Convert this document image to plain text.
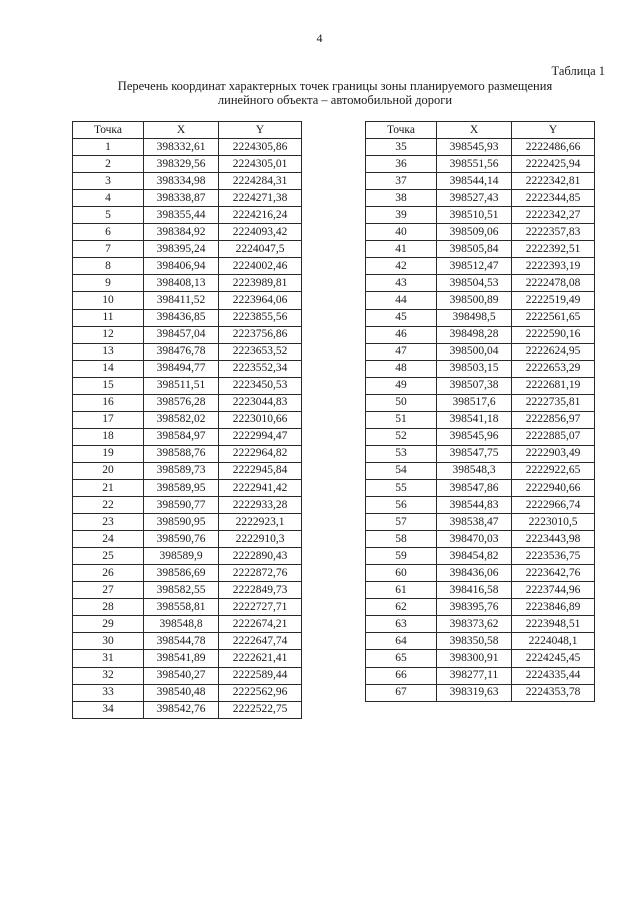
4
Таблица 1
Перечень координат характерных точек границы зоны планируемого размещения
линейного объекта – автомобильной дороги
Точка	X	Y
1	398332,61	2224305,86
2	398329,56	2224305,01
3	398334,98	2224284,31
4	398338,87	2224271,38
5	398355,44	2224216,24
6	398384,92	2224093,42
7	398395,24	2224047,5
8	398406,94	2224002,46
9	398408,13	2223989,81
10	398411,52	2223964,06
11	398436,85	2223855,56
12	398457,04	2223756,86
13	398476,78	2223653,52
14	398494,77	2223552,34
15	398511,51	2223450,53
16	398576,28	2223044,83
17	398582,02	2223010,66
18	398584,97	2222994,47
19	398588,76	2222964,82
20	398589,73	2222945,84
21	398589,95	2222941,42
22	398590,77	2222933,28
23	398590,95	2222923,1
24	398590,76	2222910,3
25	398589,9	2222890,43
26	398586,69	2222872,76
27	398582,55	2222849,73
28	398558,81	2222727,71
29	398548,8	2222674,21
30	398544,78	2222647,74
31	398541,89	2222621,41
32	398540,27	2222589,44
33	398540,48	2222562,96
34	398542,76	2222522,75
Точка	X	Y
35	398545,93	2222486,66
36	398551,56	2222425,94
37	398544,14	2222342,81
38	398527,43	2222344,85
39	398510,51	2222342,27
40	398509,06	2222357,83
41	398505,84	2222392,51
42	398512,47	2222393,19
43	398504,53	2222478,08
44	398500,89	2222519,49
45	398498,5	2222561,65
46	398498,28	2222590,16
47	398500,04	2222624,95
48	398503,15	2222653,29
49	398507,38	2222681,19
50	398517,6	2222735,81
51	398541,18	2222856,97
52	398545,96	2222885,07
53	398547,75	2222903,49
54	398548,3	2222922,65
55	398547,86	2222940,66
56	398544,83	2222966,74
57	398538,47	2223010,5
58	398470,03	2223443,98
59	398454,82	2223536,75
60	398436,06	2223642,76
61	398416,58	2223744,96
62	398395,76	2223846,89
63	398373,62	2223948,51
64	398350,58	2224048,1
65	398300,91	2224245,45
66	398277,11	2224335,44
67	398319,63	2224353,78
